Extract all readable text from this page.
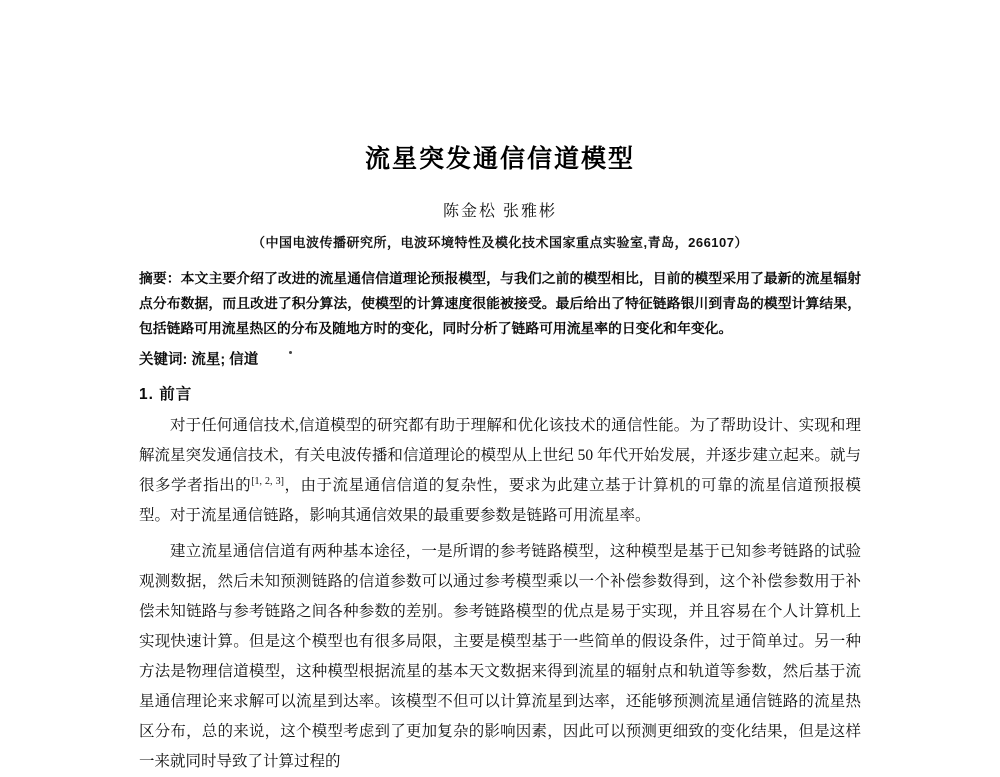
流星突发通信信道模型
陈金松 张雅彬
（中国电波传播研究所，电波环境特性及模化技术国家重点实验室,青岛，266107）
摘要：本文主要介绍了改进的流星通信信道理论预报模型，与我们之前的模型相比，目前的模型采用了最新的流星辐射点分布数据，而且改进了积分算法，使模型的计算速度很能被接受。最后给出了特征链路银川到青岛的模型计算结果，包括链路可用流星热区的分布及随地方时的变化，同时分析了链路可用流星率的日变化和年变化。
关键词: 流星; 信道
1. 前言

对于任何通信技术,信道模型的研究都有助于理解和优化该技术的通信性能。为了帮助设计、实现和理解流星突发通信技术，有关电波传播和信道理论的模型从上世纪 50 年代开始发展，并逐步建立起来。就与很多学者指出的[1, 2, 3]，由于流星通信信道的复杂性，要求为此建立基于计算机的可靠的流星信道预报模型。对于流星通信链路，影响其通信效果的最重要参数是链路可用流星率。

建立流星通信信道有两种基本途径，一是所谓的参考链路模型，这种模型是基于已知参考链路的试验观测数据，然后未知预测链路的信道参数可以通过参考模型乘以一个补偿参数得到，这个补偿参数用于补偿未知链路与参考链路之间各种参数的差别。参考链路模型的优点是易于实现，并且容易在个人计算机上实现快速计算。但是这个模型也有很多局限，主要是模型基于一些简单的假设条件，过于简单过。另一种方法是物理信道模型，这种模型根据流星的基本天文数据来得到流星的辐射点和轨道等参数，然后基于流星通信理论来求解可以流星到达率。该模型不但可以计算流星到达率，还能够预测流星通信链路的流星热区分布，总的来说，这个模型考虑到了更加复杂的影响因素，因此可以预测更细致的变化结果，但是这样一来就同时导致了计算过程的
